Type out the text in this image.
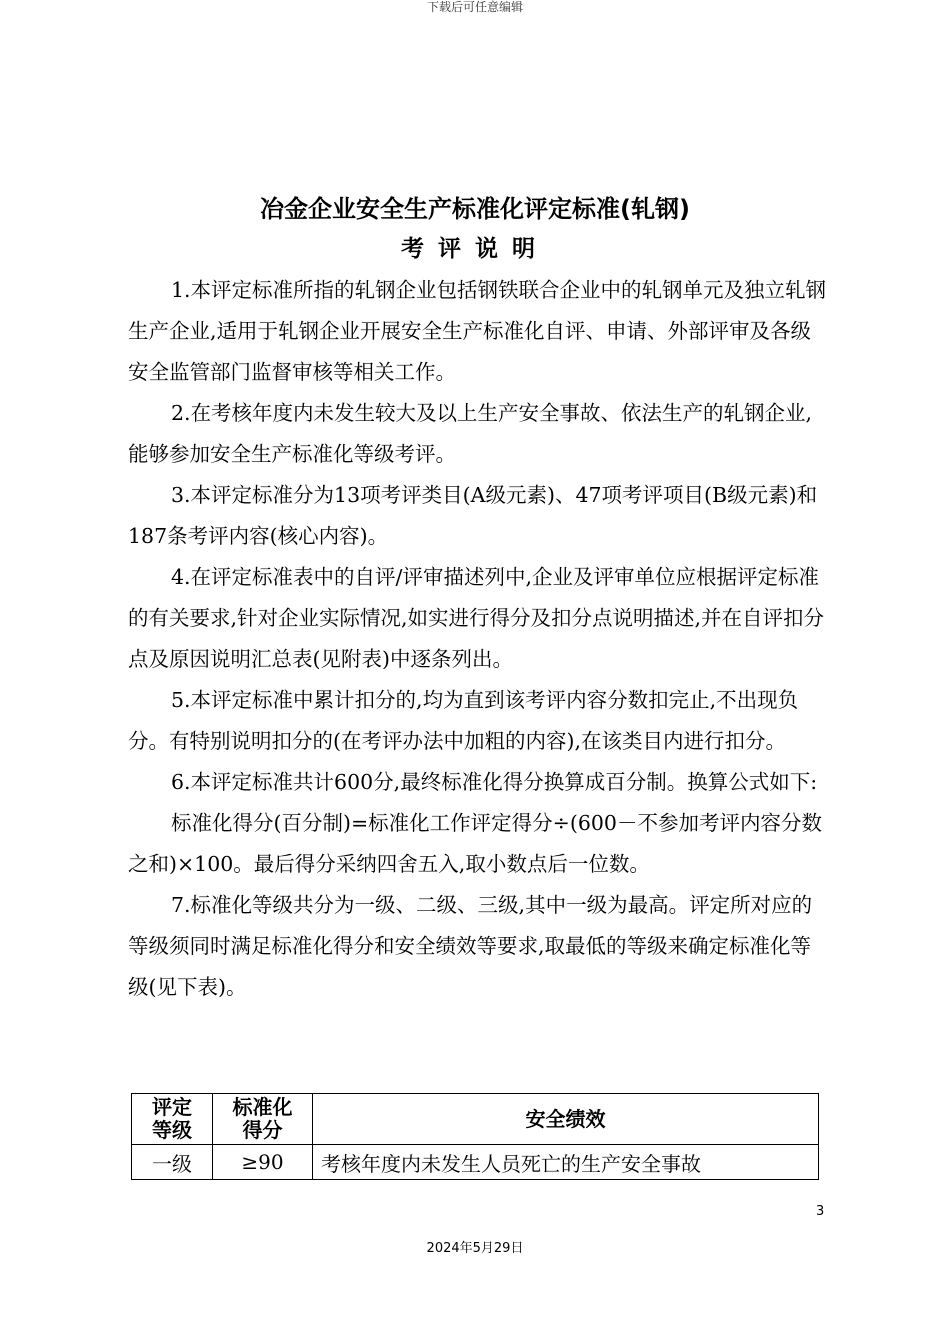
下载后可任意编辑
冶金企业安全生产标准化评定标准(轧钢)
考评说明

1.本评定标准所指的轧钢企业包括钢铁联合企业中的轧钢单元及独立轧钢生产企业,适用于轧钢企业开展安全生产标准化自评、申请、外部评审及各级安全监管部门监督审核等相关工作。

2.在考核年度内未发生较大及以上生产安全事故、依法生产的轧钢企业,能够参加安全生产标准化等级考评。

3.本评定标准分为13项考评类目(A级元素)、47项考评项目(B级元素)和187条考评内容(核心内容)。

4.在评定标准表中的自评/评审描述列中,企业及评审单位应根据评定标准的有关要求,针对企业实际情况,如实进行得分及扣分点说明描述,并在自评扣分点及原因说明汇总表(见附表)中逐条列出。

5.本评定标准中累计扣分的,均为直到该考评内容分数扣完止,不出现负分。有特别说明扣分的(在考评办法中加粗的内容),在该类目内进行扣分。

6.本评定标准共计600分,最终标准化得分换算成百分制。换算公式如下:

标准化得分(百分制)=标准化工作评定得分÷(600－不参加考评内容分数之和)×100。最后得分采纳四舍五入,取小数点后一位数。

7.标准化等级共分为一级、二级、三级,其中一级为最高。评定所对应的等级须同时满足标准化得分和安全绩效等要求,取最低的等级来确定标准化等级(见下表)。

评定等级	标准化得分	安全绩效
一级	≥90	考核年度内未发生人员死亡的生产安全事故
3
2024年5月29日
